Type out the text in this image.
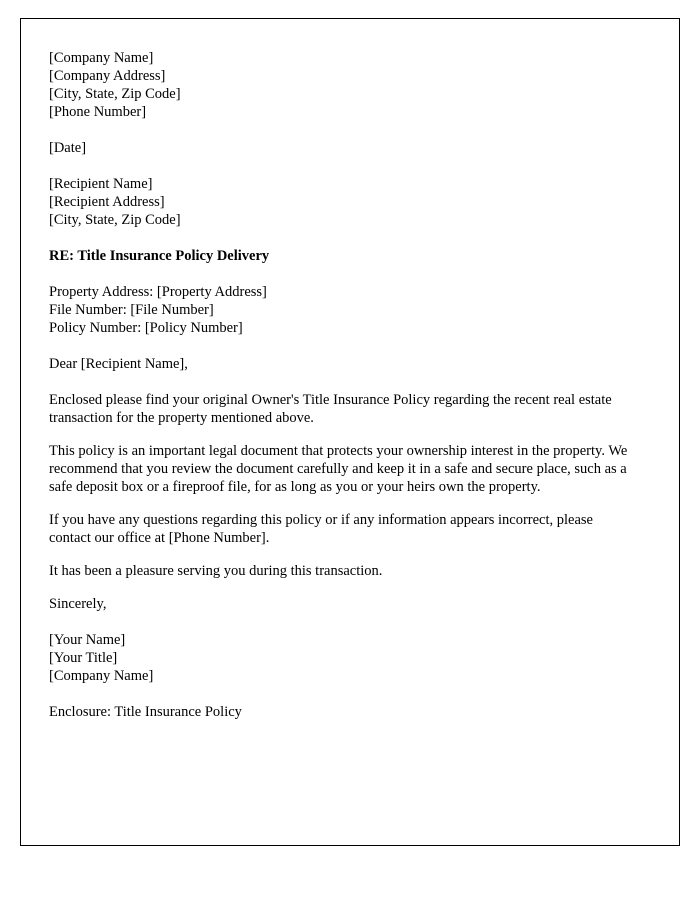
[Company Name]
[Company Address]
[City, State, Zip Code]
[Phone Number]
[Date]
[Recipient Name]
[Recipient Address]
[City, State, Zip Code]
RE: Title Insurance Policy Delivery
Property Address: [Property Address]
File Number: [File Number]
Policy Number: [Policy Number]
Dear [Recipient Name],

Enclosed please find your original Owner's Title Insurance Policy regarding the recent real estate transaction for the property mentioned above.

This policy is an important legal document that protects your ownership interest in the property. We recommend that you review the document carefully and keep it in a safe and secure place, such as a safe deposit box or a fireproof file, for as long as you or your heirs own the property.

If you have any questions regarding this policy or if any information appears incorrect, please contact our office at [Phone Number].

It has been a pleasure serving you during this transaction.

Sincerely,
[Your Name]
[Your Title]
[Company Name]
Enclosure: Title Insurance Policy
